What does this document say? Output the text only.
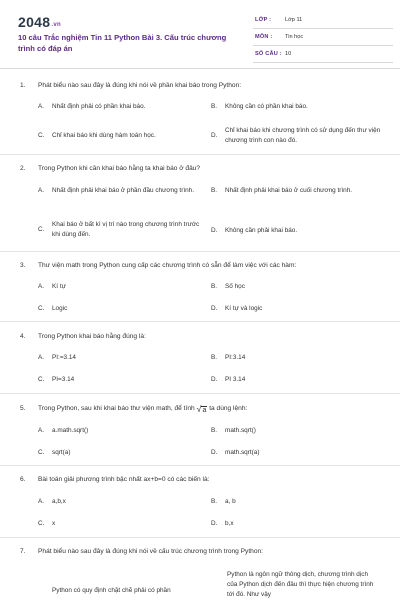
2048.vn
10 câu Trắc nghiệm Tin 11 Python Bài 3. Cấu trúc chương trình có đáp án
LỚP : Lớp 11
MÔN : Tin học
SỐ CÂU : 10
1. Phát biểu nào sau đây là đúng khi nói về phần khai báo trong Python:
A. Nhất định phải có phần khai báo.	B. Không cần có phần khai báo.
C. Chỉ khai báo khi dùng hàm toán học.	D.
Chỉ khai báo khi chương trình có sử dụng đến thư viện chương trình con nào đó.
2. Trong Python khi cần khai báo hằng ta khai báo ở đâu?
A. Nhất định phải khai báo ở phần đầu chương trình.	B. Nhất định phải khai báo ở cuối chương trình.
C.
Khai báo ở bất kì vị trí nào trong chương trình trước khi dùng đến.
D. Không cần phải khai báo.
3. Thư viện math trong Python cung cấp các chương trình có sẵn để làm việc với các hàm:
A. Kí tự	B. Số học
C. Logic	D. Kí tự và logic
4. Trong Python khai báo hằng đúng là:
A. PI:=3.14	B. PI:3.14
C. PI=3.14	D. PI 3.14
5. Trong Python, sau khi khai báo thư viện math, để tính √a ta dùng lệnh:
A. a.math.sqrt()	B. math.sqrt()
C. sqrt(a)	D. math.sqrt(a)
6. Bài toán giải phương trình bậc nhất ax+b=0 có các biến là:
A. a,b,x	B. a, b
C. x	D. b,x
7. Phát biểu nào sau đây là đúng khi nói về cấu trúc chương trình trong Python:
Python có quy định chặt chẽ phải có phần
Python là ngôn ngữ thông dịch, chương trình dịch của Python dịch đến đâu thì thực hiện chương trình tới đó. Như vậy
